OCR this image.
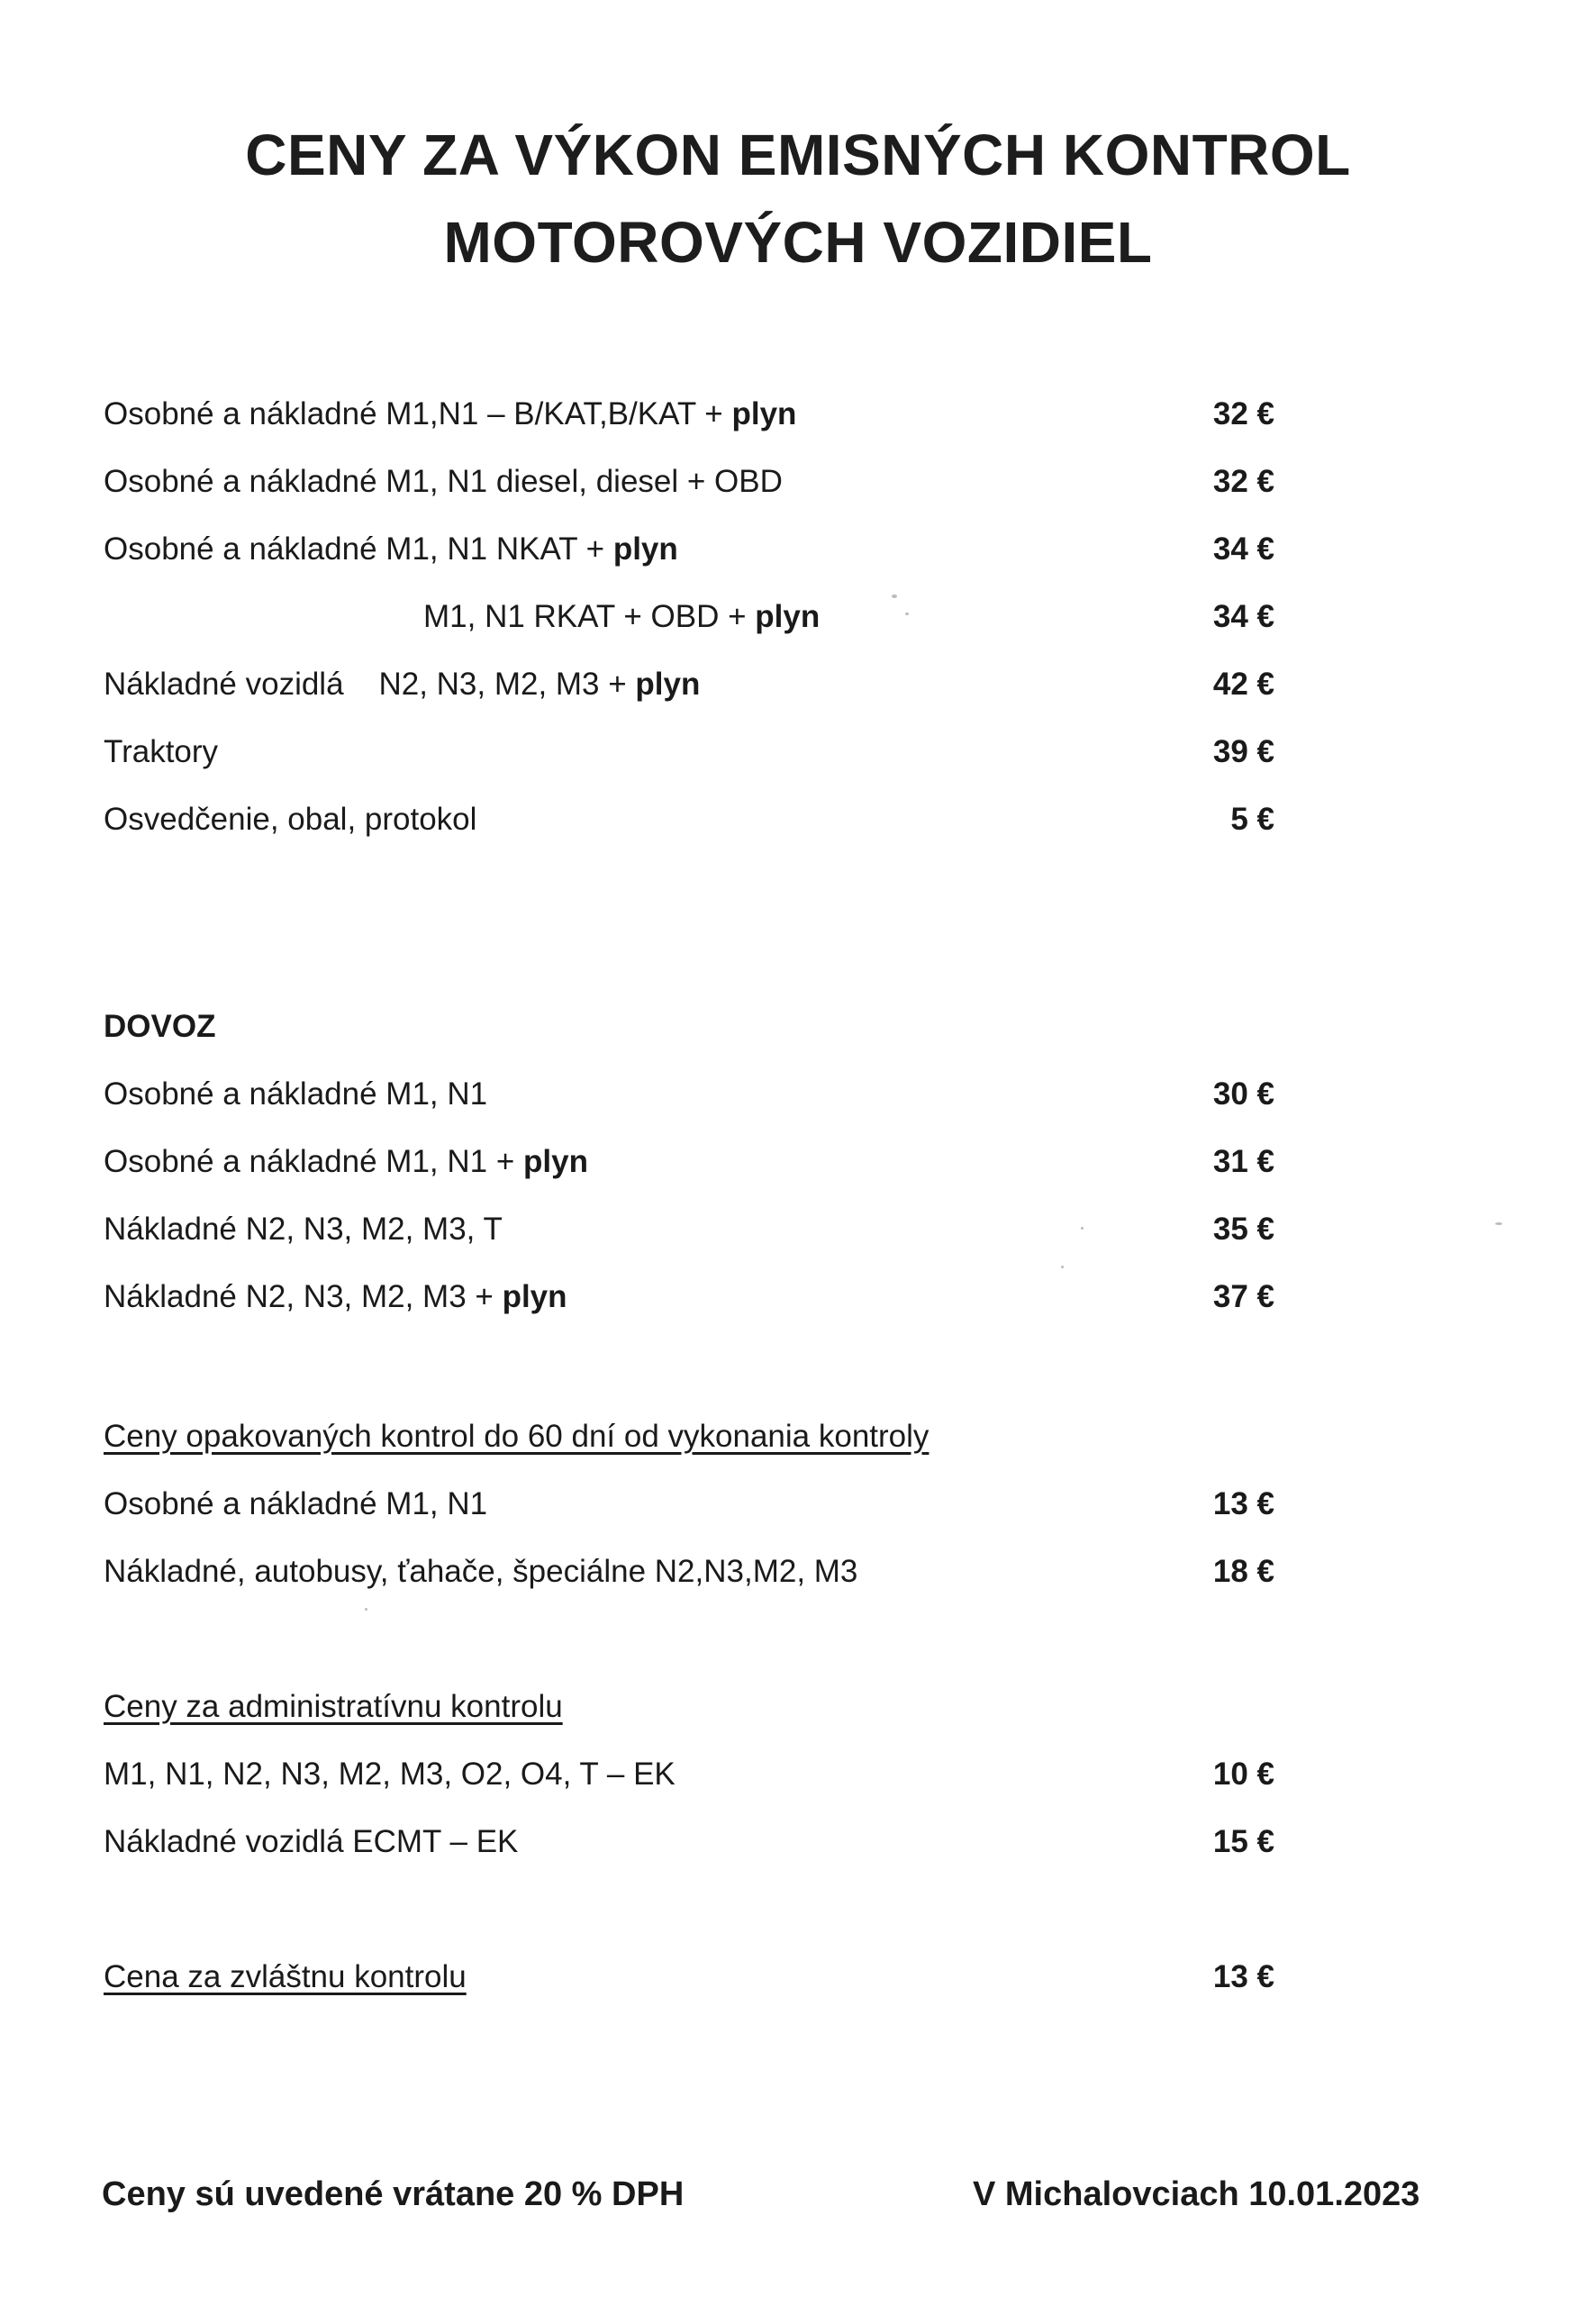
CENY ZA VÝKON EMISNÝCH KONTROL
MOTOROVÝCH VOZIDIEL
Osobné a nákladné M1,N1 – B/KAT,B/KAT + plyn	32 €
Osobné a nákladné M1, N1 diesel, diesel + OBD	32 €
Osobné a nákladné M1, N1 NKAT + plyn	34 €
M1, N1 RKAT + OBD + plyn	34 €
Nákladné vozidlá    N2, N3, M2, M3 + plyn	42 €
Traktory	39 €
Osvedčenie, obal, protokol	5 €
DOVOZ
Osobné a nákladné M1, N1	30 €
Osobné a nákladné M1, N1 + plyn	31 €
Nákladné N2, N3, M2, M3, T	35 €
Nákladné N2, N3, M2, M3 + plyn	37 €
Ceny opakovaných kontrol do 60 dní od vykonania kontroly
Osobné a nákladné M1, N1	13 €
Nákladné, autobusy, ťahače, špeciálne N2,N3,M2, M3	18 €
Ceny za administratívnu kontrolu
M1, N1, N2, N3, M2, M3, O2, O4, T – EK	10 €
Nákladné vozidlá ECMT – EK	15 €
Cena za zvláštnu kontrolu	13 €
Ceny sú uvedené vrátane 20 % DPH	V Michalovciach 10.01.2023
